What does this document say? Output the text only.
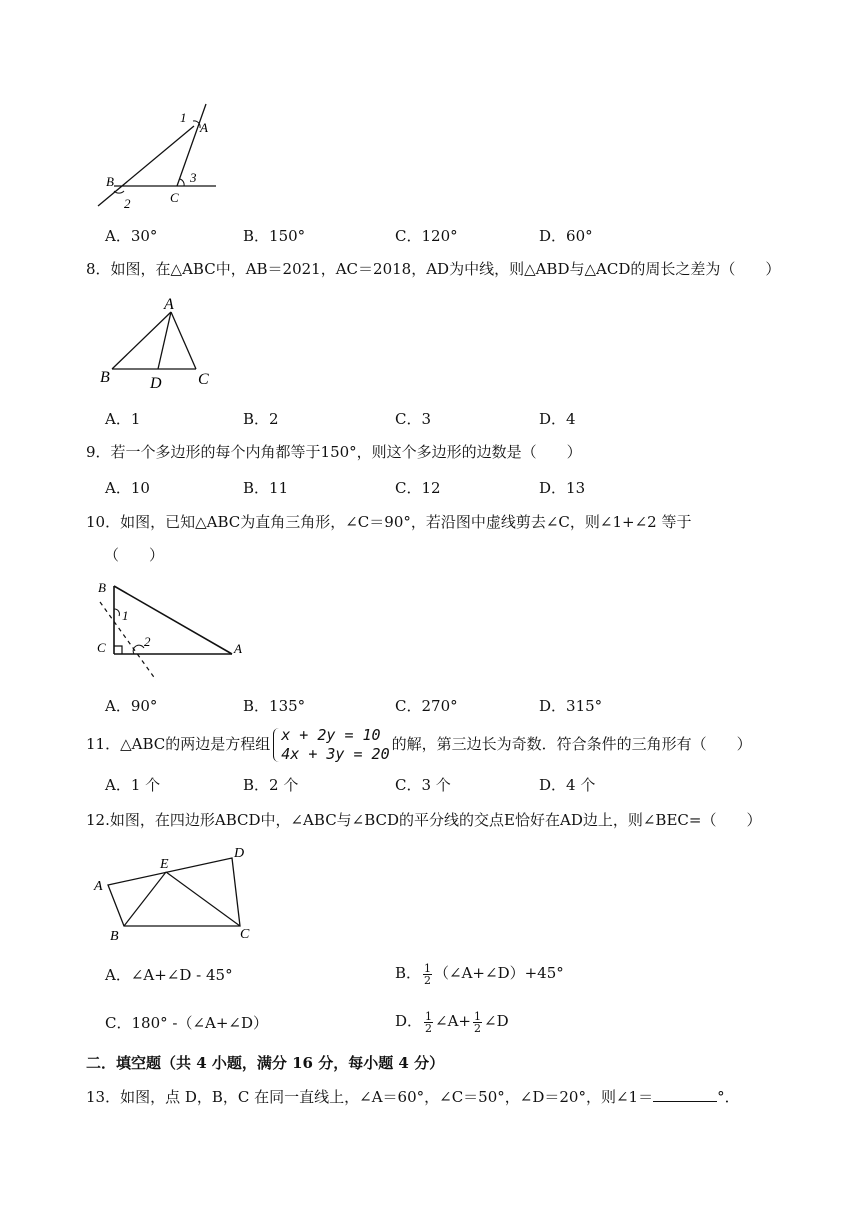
1
A
B
2	C
3
A．30°	B．150°	C．120°	D．60°
8．如图，在△ABC中，AB＝2021，AC＝2018，AD为中线，则△ABD与△ACD的周长之差为（　　）
A
B	D C
A．1	B．2	C．3	D．4
9．若一个多边形的每个内角都等于150°，则这个多边形的边数是（　　）
A．10	B．11	C．12	D．13
10．如图，已知△ABC为直角三角形，∠C＝90°，若沿图中虚线剪去∠C，则∠1+∠2 等于
（　　）
B
1
C	2	A
A．90°	B．135°	C．270°	D．315°
11．△ABC的两边是方程组 x + 2y = 10
4x + 3y = 20
的解，第三边长为奇数．符合条件的三角形有（　　）
A．1 个	B．2 个	C．3 个	D．4 个
12.如图，在四边形ABCD中，∠ABC与∠BCD的平分线的交点E恰好在AD边上，则∠BEC=（　　）
A
E
D
B	C
A．∠A+∠D - 45°	B． $\frac{1}{2}$ （∠A+∠D）+45°
C．180° -（∠A+∠D）	D． $\frac{1}{2}$ ∠A+ $\frac{1}{2}$ ∠D
二．填空题（共 4 小题，满分 16 分，每小题 4 分）
13．如图，点 D，B，C 在同一直线上，∠A＝60°，∠C＝50°，∠D＝20°，则∠1＝	°．
